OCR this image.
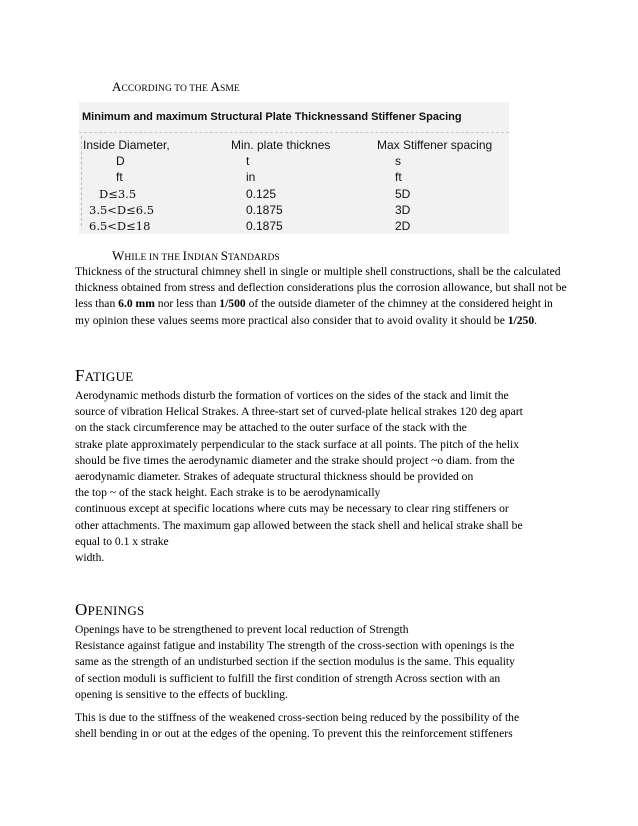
ACCORDING TO THE ASME
Minimum and maximum Structural Plate Thicknessand Stiffener Spacing
Inside Diameter,	Min. plate thicknes	Max Stiffener spacing
D	t	s
ft	in	ft
D≤3.5	0.125	5D
3.5<D≤6.5	0.1875	3D
6.5<D≤18	0.1875	2D
WHILE IN THE INDIAN STANDARDS

Thickness of the structural chimney shell in single or multiple shell constructions, shall be the calculated thickness obtained from stress and deflection considerations plus the corrosion allowance, but shall not be less than 6.0 mm nor less than 1/500 of the outside diameter of the chimney at the considered height in my opinion these values seems more practical also consider that to avoid ovality it should be 1/250.

FATIGUE
Aerodynamic methods disturb the formation of vortices on the sides of the stack and limit the
source of vibration Helical Strakes. A three-start set of curved-plate helical strakes 120 deg apart
on the stack circumference may be attached to the outer surface of the stack with the
strake plate approximately perpendicular to the stack surface at all points. The pitch of the helix
should be five times the aerodynamic diameter and the strake should project ~o diam. from the
aerodynamic diameter. Strakes of adequate structural thickness should be provided on
the top ~ of the stack height. Each strake is to be aerodynamically
continuous except at specific locations where cuts may be necessary to clear ring stiffeners or
other attachments. The maximum gap allowed between the stack shell and helical strake shall be
equal to 0.1 x strake
width.
OPENINGS
Openings have to be strengthened to prevent local reduction of Strength
Resistance against fatigue and instability The strength of the cross-section with openings is the
same as the strength of an undisturbed section if the section modulus is the same. This equality
of section moduli is sufficient to fulfill the first condition of strength Across section with an
opening is sensitive to the effects of buckling.
This is due to the stiffness of the weakened cross-section being reduced by the possibility of the
shell bending in or out at the edges of the opening. To prevent this the reinforcement stiffeners
